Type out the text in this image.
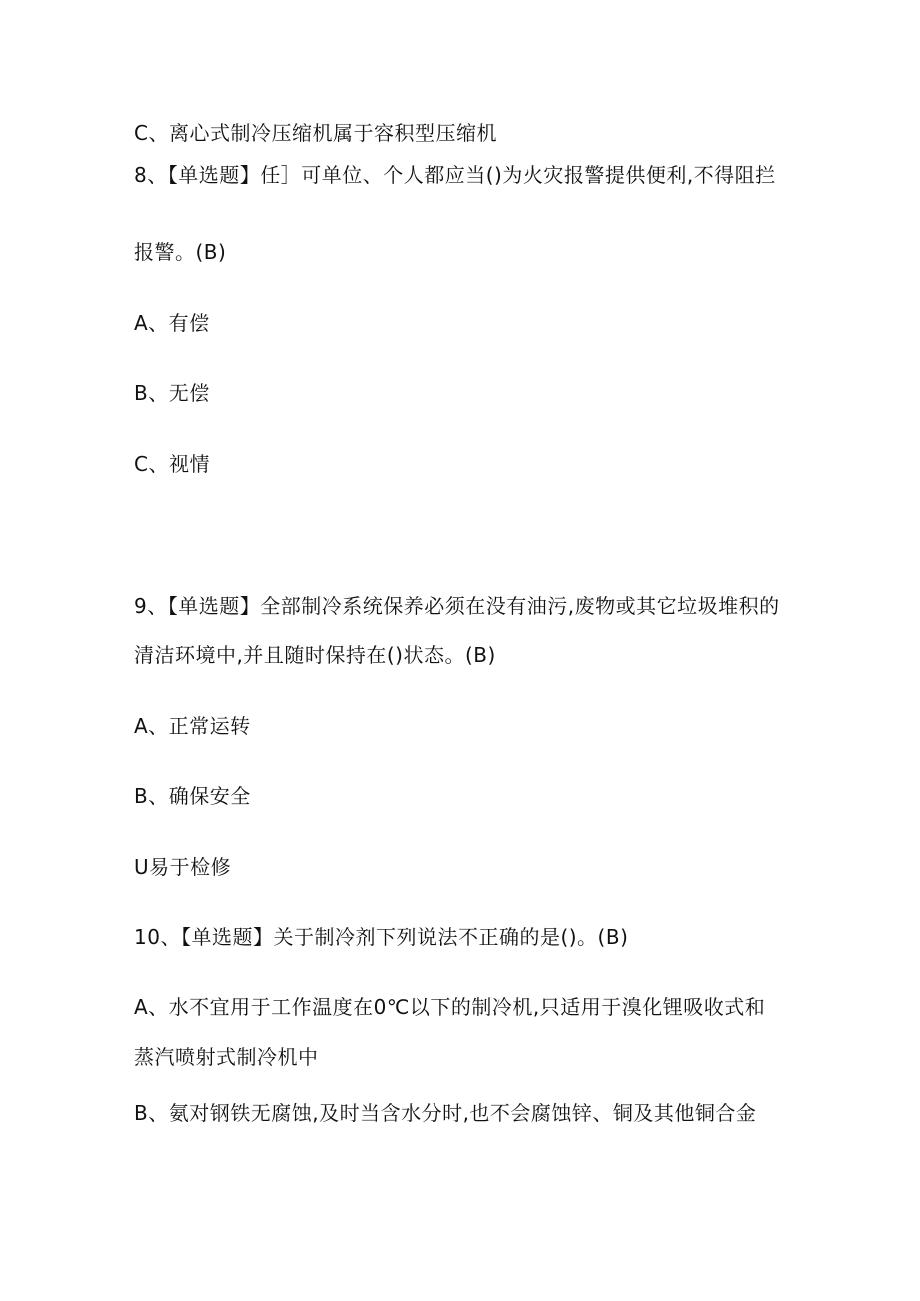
C、离心式制冷压缩机属于容积型压缩机
8、【单选题】任］可单位、个人都应当()为火灾报警提供便利,不得阻拦
报警。(B)
A、有偿
B、无偿
C、视情
9、【单选题】全部制冷系统保养必须在没有油污,废物或其它垃圾堆积的
清洁环境中,并且随时保持在()状态。(B)
A、正常运转
B、确保安全
U易于检修
10、【单选题】关于制冷剂下列说法不正确的是()。(B)
A、水不宜用于工作温度在0℃以下的制冷机,只适用于溴化锂吸收式和
蒸汽喷射式制冷机中
B、氨对钢铁无腐蚀,及时当含水分时,也不会腐蚀锌、铜及其他铜合金
